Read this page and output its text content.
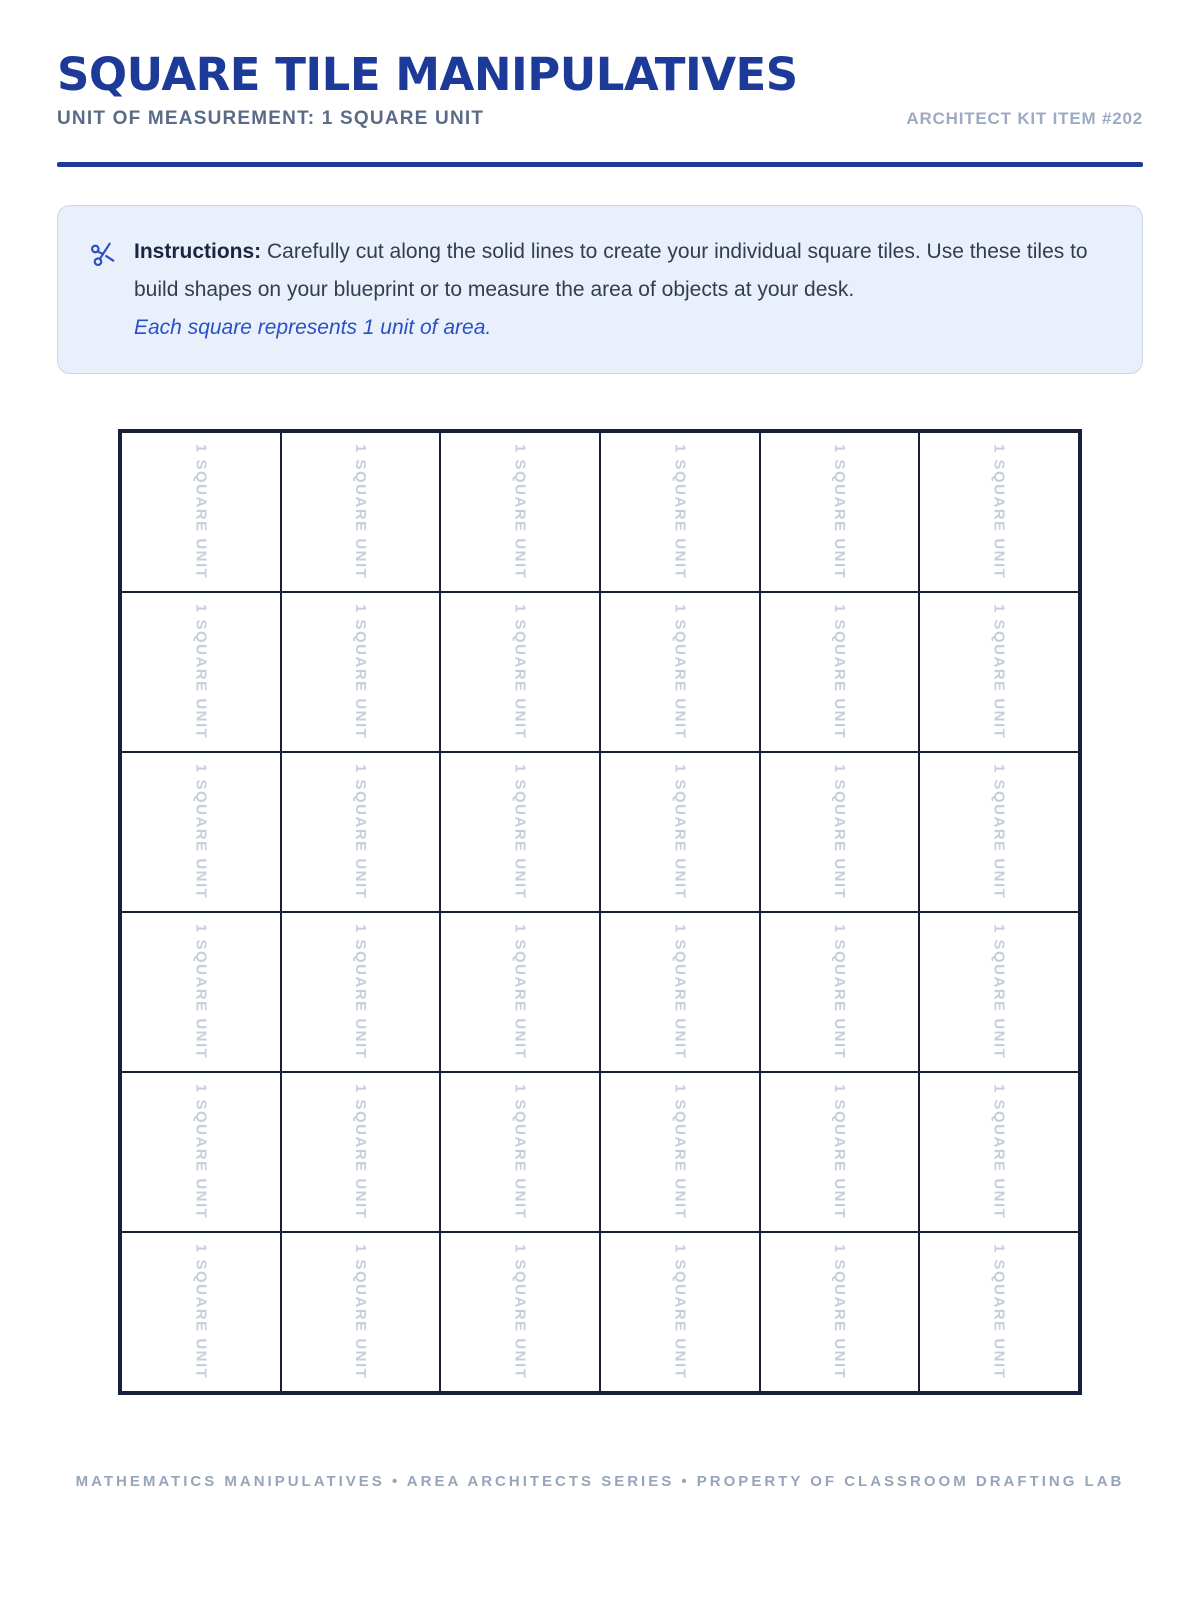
SQUARE TILE MANIPULATIVES
UNIT OF MEASUREMENT: 1 SQUARE UNIT	ARCHITECT KIT ITEM #202

Instructions: Carefully cut along the solid lines to create your individual square tiles. Use these tiles to build shapes on your blueprint or to measure the area of objects at your desk.

Each square represents 1 unit of area.

1 SQUARE UNIT	1 SQUARE UNIT	1 SQUARE UNIT	1 SQUARE UNIT	1 SQUARE UNIT	1 SQUARE UNIT
1 SQUARE UNIT	1 SQUARE UNIT	1 SQUARE UNIT	1 SQUARE UNIT	1 SQUARE UNIT	1 SQUARE UNIT
1 SQUARE UNIT	1 SQUARE UNIT	1 SQUARE UNIT	1 SQUARE UNIT	1 SQUARE UNIT	1 SQUARE UNIT
1 SQUARE UNIT	1 SQUARE UNIT	1 SQUARE UNIT	1 SQUARE UNIT	1 SQUARE UNIT	1 SQUARE UNIT
1 SQUARE UNIT	1 SQUARE UNIT	1 SQUARE UNIT	1 SQUARE UNIT	1 SQUARE UNIT	1 SQUARE UNIT
1 SQUARE UNIT	1 SQUARE UNIT	1 SQUARE UNIT	1 SQUARE UNIT	1 SQUARE UNIT	1 SQUARE UNIT
MATHEMATICS MANIPULATIVES • AREA ARCHITECTS SERIES • PROPERTY OF CLASSROOM DRAFTING LAB
